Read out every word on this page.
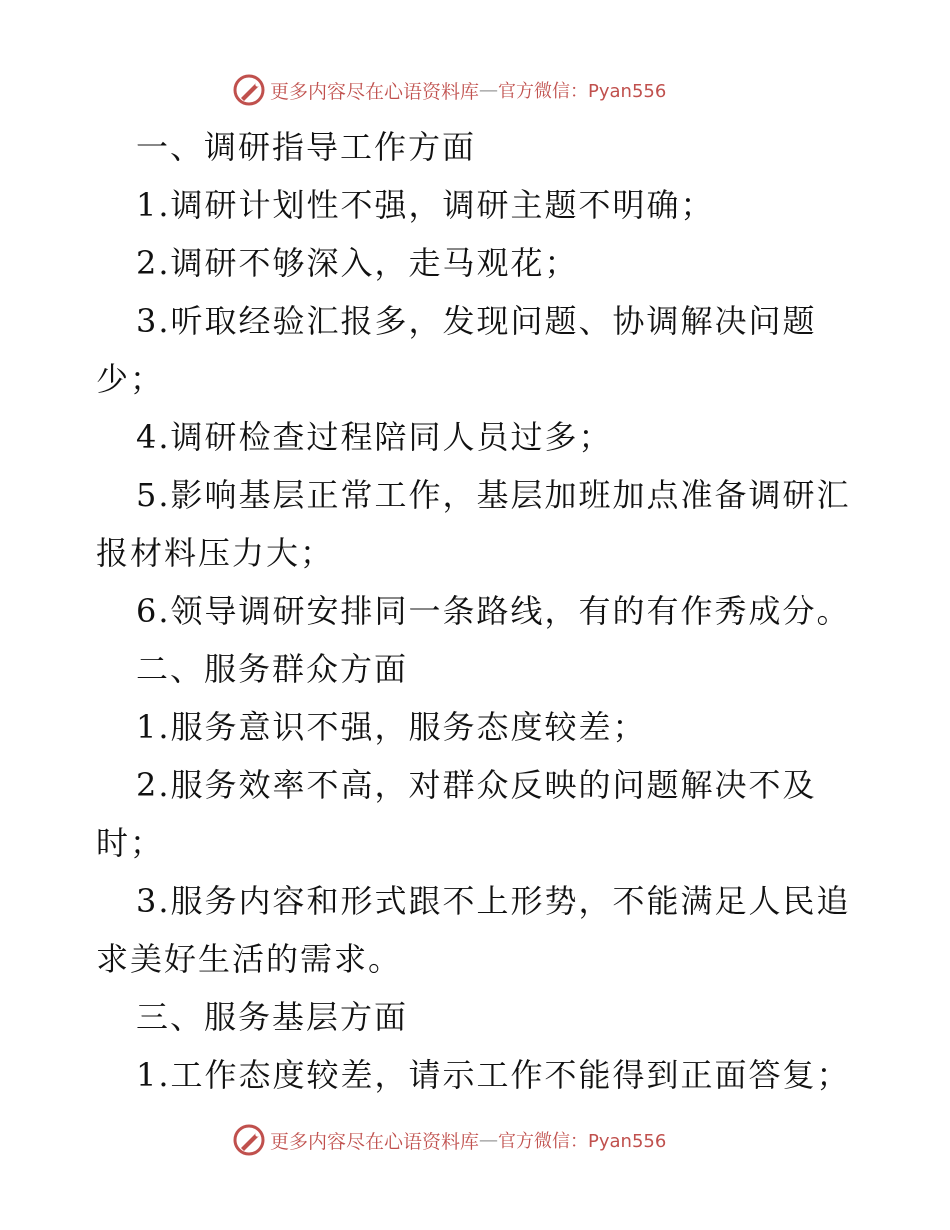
更多内容尽在心语资料库 — 官方微信：Pyan556

一、调研指导工作方面

1.调研计划性不强，调研主题不明确；

2.调研不够深入，走马观花；

3.听取经验汇报多，发现问题、协调解决问题少；

4.调研检查过程陪同人员过多；

5.影响基层正常工作，基层加班加点准备调研汇报材料压力大；

6.领导调研安排同一条路线，有的有作秀成分。

二、服务群众方面

1.服务意识不强，服务态度较差；

2.服务效率不高，对群众反映的问题解决不及时；

3.服务内容和形式跟不上形势，不能满足人民追求美好生活的需求。

三、服务基层方面

1.工作态度较差，请示工作不能得到正面答复；

更多内容尽在心语资料库 — 官方微信：Pyan556
